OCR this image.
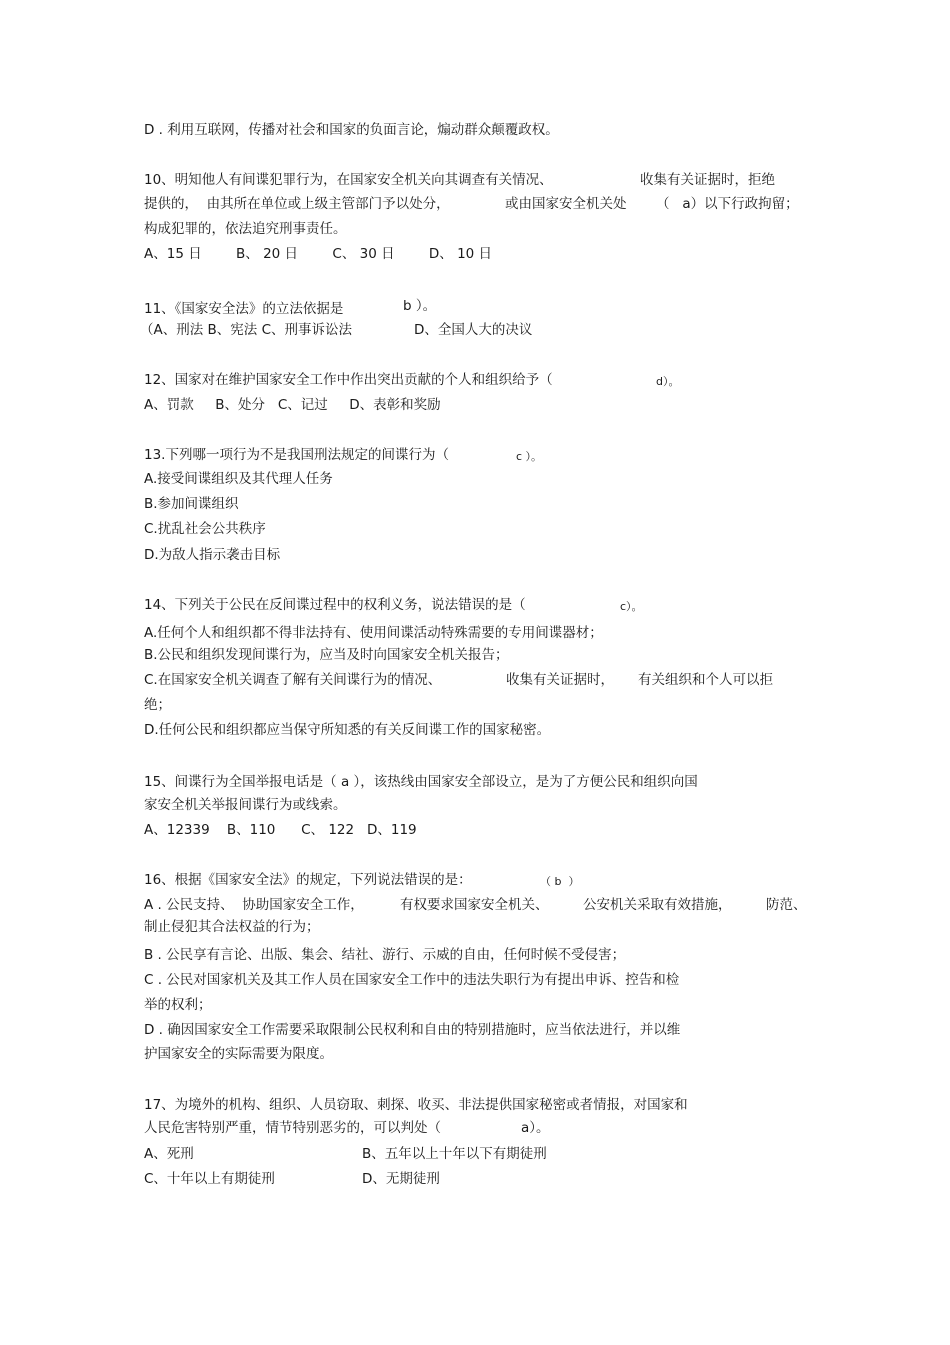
D . 利用互联网，传播对社会和国家的负面言论，煽动群众颠覆政权。

10、明知他人有间谍犯罪行为，在国家安全机关向其调查有关情况、	收集有关证据时，拒绝

提供的，  由其所在单位或上级主管部门予以处分，	或由国家安全机关处 （   a）以下行政拘留；

构成犯罪的，依法追究刑事责任。

A、15 日        B、 20 日        C、 30 日        D、 10 日

11、《国家安全法》的立法依据是	b ）。

（A、刑法 B、宪法 C、刑事诉讼法	D、全国人大的决议

12、国家对在维护国家安全工作中作出突出贡献的个人和组织给予（	d）。

A、罚款     B、处分   C、记过     D、表彰和奖励

13.下列哪一项行为不是我国刑法规定的间谍行为（	c ）。

A.接受间谍组织及其代理人任务

B.参加间谍组织

C.扰乱社会公共秩序

D.为敌人指示袭击目标

14、下列关于公民在反间谍过程中的权利义务，说法错误的是（	c）。

A.任何个人和组织都不得非法持有、使用间谍活动特殊需要的专用间谍器材；

B.公民和组织发现间谍行为，应当及时向国家安全机关报告；

C.在国家安全机关调查了解有关间谍行为的情况、	收集有关证据时， 有关组织和个人可以拒

绝；

D.任何公民和组织都应当保守所知悉的有关反间谍工作的国家秘密。

15、间谍行为全国举报电话是（ a ），该热线由国家安全部设立，是为了方便公民和组织向国

家安全机关举报间谍行为或线索。

A、12339    B、110      C、 122   D、119

16、根据《国家安全法》的规定，下列说法错误的是：	（ b  ）

A . 公民支持、  协助国家安全工作，	有权要求国家安全机关、	公安机关采取有效措施，	防范、

制止侵犯其合法权益的行为；

B . 公民享有言论、出版、集会、结社、游行、示威的自由，任何时候不受侵害；

C . 公民对国家机关及其工作人员在国家安全工作中的违法失职行为有提出申诉、控告和检

举的权利；

D . 确因国家安全工作需要采取限制公民权利和自由的特别措施时，应当依法进行，并以维

护国家安全的实际需要为限度。

17、为境外的机构、组织、人员窃取、刺探、收买、非法提供国家秘密或者情报，对国家和

人民危害特别严重，情节特别恶劣的，可以判处（	a）。

A、死刑	B、五年以上十年以下有期徒刑

C、十年以上有期徒刑	D、无期徒刑
